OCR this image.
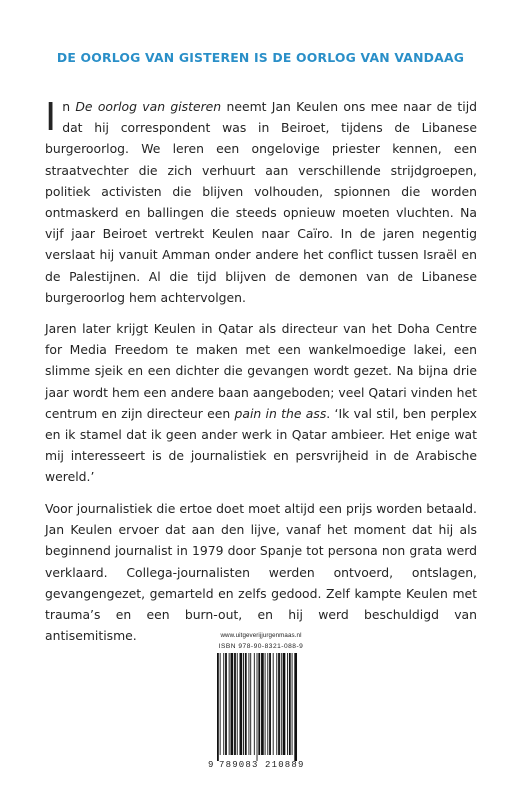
DE OORLOG VAN GISTEREN IS DE OORLOG VAN VANDAAG

In De oorlog van gisteren neemt Jan Keulen ons mee naar de tijd dat hij correspondent was in Beiroet, tijdens de Libanese burgeroorlog. We leren een ongelovige priester kennen, een straatvechter die zich verhuurt aan verschillende strijdgroepen, politiek activisten die blijven volhouden, spionnen die worden ontmaskerd en ballingen die steeds opnieuw moeten vluchten. Na vijf jaar Beiroet vertrekt Keulen naar Caïro. In de jaren negentig verslaat hij vanuit Amman onder andere het conflict tussen Israël en de Palestijnen. Al die tijd blijven de demonen van de Libanese burgeroorlog hem achtervolgen.

Jaren later krijgt Keulen in Qatar als directeur van het Doha Centre for Media Freedom te maken met een wankelmoedige lakei, een slimme sjeik en een dichter die gevangen wordt gezet. Na bijna drie jaar wordt hem een andere baan aangeboden; veel Qatari vinden het centrum en zijn directeur een pain in the ass. ‘Ik val stil, ben perplex en ik stamel dat ik geen ander werk in Qatar ambieer. Het enige wat mij interesseert is de journalistiek en persvrijheid in de Arabische wereld.’

Voor journalistiek die ertoe doet moet altijd een prijs worden betaald. Jan Keulen ervoer dat aan den lijve, vanaf het moment dat hij als beginnend journalist in 1979 door Spanje tot persona non grata werd verklaard. Collega-journalisten werden ontvoerd, ontslagen, gevangengezet, gemarteld en zelfs gedood. Zelf kampte Keulen met trauma’s en een burn-out, en hij werd beschuldigd van antisemitisme.	www.uitgeverijjurgenmaas.nl

ISBN 978-90-8321-088-9

9 789083 210889
